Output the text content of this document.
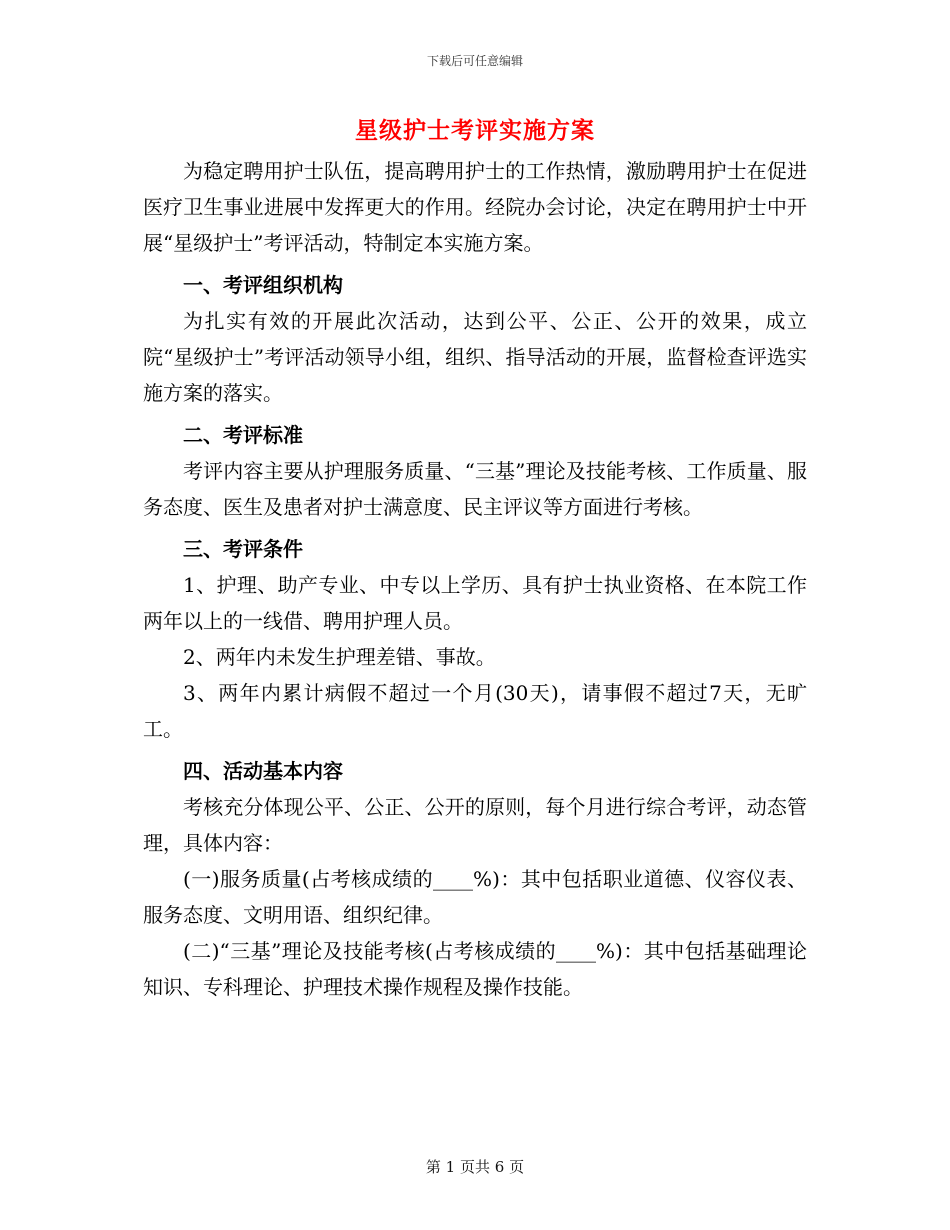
下载后可任意编辑
星级护士考评实施方案

为稳定聘用护士队伍，提高聘用护士的工作热情，激励聘用护士在促进医疗卫生事业进展中发挥更大的作用。经院办会讨论，决定在聘用护士中开展“星级护士”考评活动，特制定本实施方案。

一、考评组织机构

为扎实有效的开展此次活动，达到公平、公正、公开的效果，成立院“星级护士”考评活动领导小组，组织、指导活动的开展，监督检查评选实施方案的落实。

二、考评标准

考评内容主要从护理服务质量、“三基”理论及技能考核、工作质量、服务态度、医生及患者对护士满意度、民主评议等方面进行考核。

三、考评条件

1、护理、助产专业、中专以上学历、具有护士执业资格、在本院工作两年以上的一线借、聘用护理人员。

2、两年内未发生护理差错、事故。

3、两年内累计病假不超过一个月(30天)，请事假不超过7天，无旷工。

四、活动基本内容

考核充分体现公平、公正、公开的原则，每个月进行综合考评，动态管理，具体内容：

(一)服务质量(占考核成绩的____%)：其中包括职业道德、仪容仪表、服务态度、文明用语、组织纪律。

(二)“三基”理论及技能考核(占考核成绩的____%)：其中包括基础理论知识、专科理论、护理技术操作规程及操作技能。

第 1 页共 6 页
